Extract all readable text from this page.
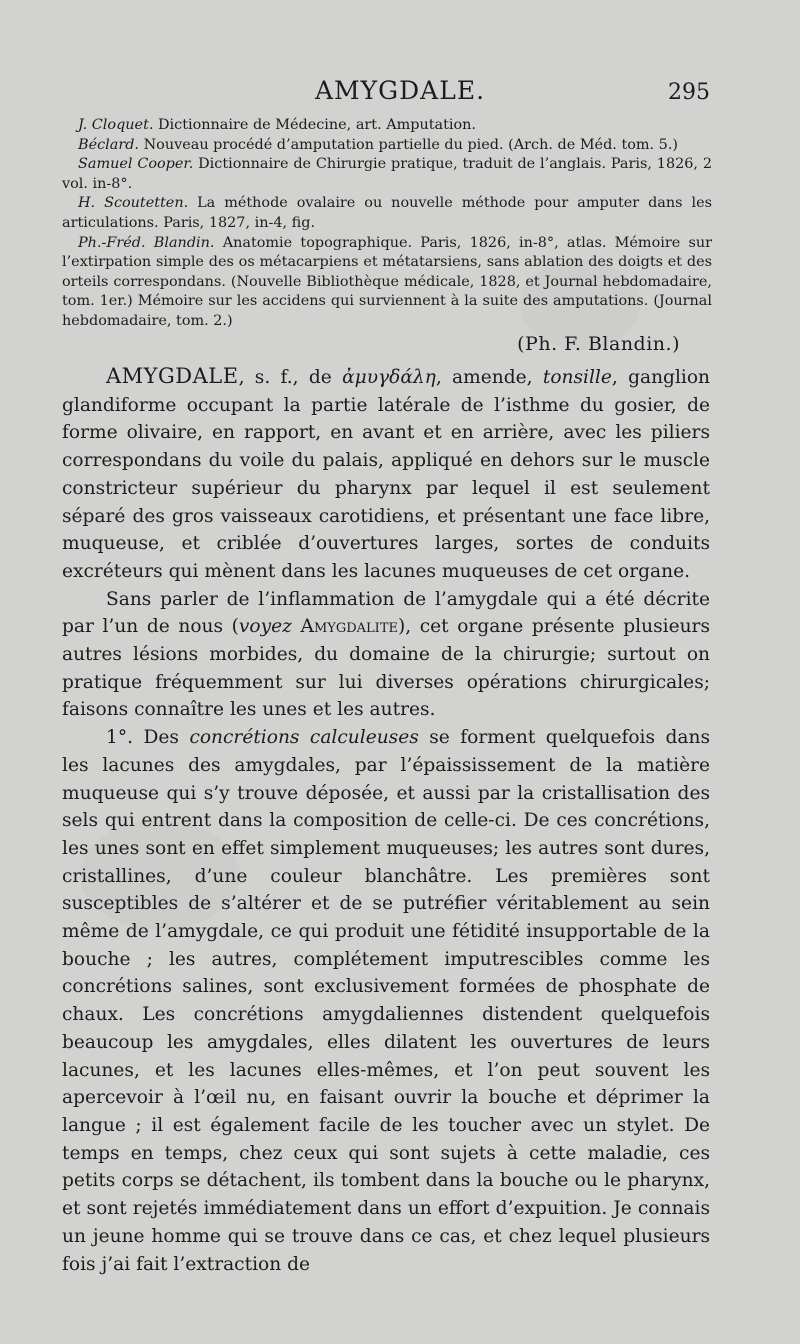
AMYGDALE.	295

J. Cloquet. Dictionnaire de Médecine, art. Amputation.

Béclard. Nouveau procédé d’amputation partielle du pied. (Arch. de Méd. tom. 5.)

Samuel Cooper. Dictionnaire de Chirurgie pratique, traduit de l’anglais. Paris, 1826, 2 vol. in-8°.

H. Scoutetten. La méthode ovalaire ou nouvelle méthode pour amputer dans les articulations. Paris, 1827, in-4, fig.

Ph.-Fréd. Blandin. Anatomie topographique. Paris, 1826, in-8°, atlas. Mémoire sur l’extirpation simple des os métacarpiens et métatarsiens, sans ablation des doigts et des orteils correspondans. (Nouvelle Bibliothèque médicale, 1828, et Journal hebdomadaire, tom. 1er.) Mémoire sur les accidens qui surviennent à la suite des amputations. (Journal hebdomadaire, tom. 2.)

(Ph. F. Blandin.)

AMYGDALE, s. f., de ἀμυγδάλη, amende, tonsille, ganglion glandiforme occupant la partie latérale de l’isthme du gosier, de forme olivaire, en rapport, en avant et en arrière, avec les piliers correspondans du voile du palais, appliqué en dehors sur le muscle constricteur supérieur du pharynx par lequel il est seulement séparé des gros vaisseaux carotidiens, et présentant une face libre, muqueuse, et criblée d’ouvertures larges, sortes de conduits excréteurs qui mènent dans les lacunes muqueuses de cet organe.

Sans parler de l’inflammation de l’amygdale qui a été décrite par l’un de nous (voyez Amygdalite), cet organe présente plusieurs autres lésions morbides, du domaine de la chirurgie; surtout on pratique fréquemment sur lui diverses opérations chirurgicales; faisons connaître les unes et les autres.

1°. Des concrétions calculeuses se forment quelquefois dans les lacunes des amygdales, par l’épaississement de la matière muqueuse qui s’y trouve déposée, et aussi par la cristallisation des sels qui entrent dans la composition de celle-ci. De ces concrétions, les unes sont en effet simplement muqueuses; les autres sont dures, cristallines, d’une couleur blanchâtre. Les premières sont susceptibles de s’altérer et de se putréfier véritablement au sein même de l’amygdale, ce qui produit une fétidité insupportable de la bouche ; les autres, complétement imputrescibles comme les concrétions salines, sont exclusivement formées de phosphate de chaux. Les concrétions amygdaliennes distendent quelquefois beaucoup les amygdales, elles dilatent les ouvertures de leurs lacunes, et les lacunes elles-mêmes, et l’on peut souvent les apercevoir à l’œil nu, en faisant ouvrir la bouche et déprimer la langue ; il est également facile de les toucher avec un stylet. De temps en temps, chez ceux qui sont sujets à cette maladie, ces petits corps se détachent, ils tombent dans la bouche ou le pharynx, et sont rejetés immédiatement dans un effort d’expuition. Je connais un jeune homme qui se trouve dans ce cas, et chez lequel plusieurs fois j’ai fait l’extraction de
